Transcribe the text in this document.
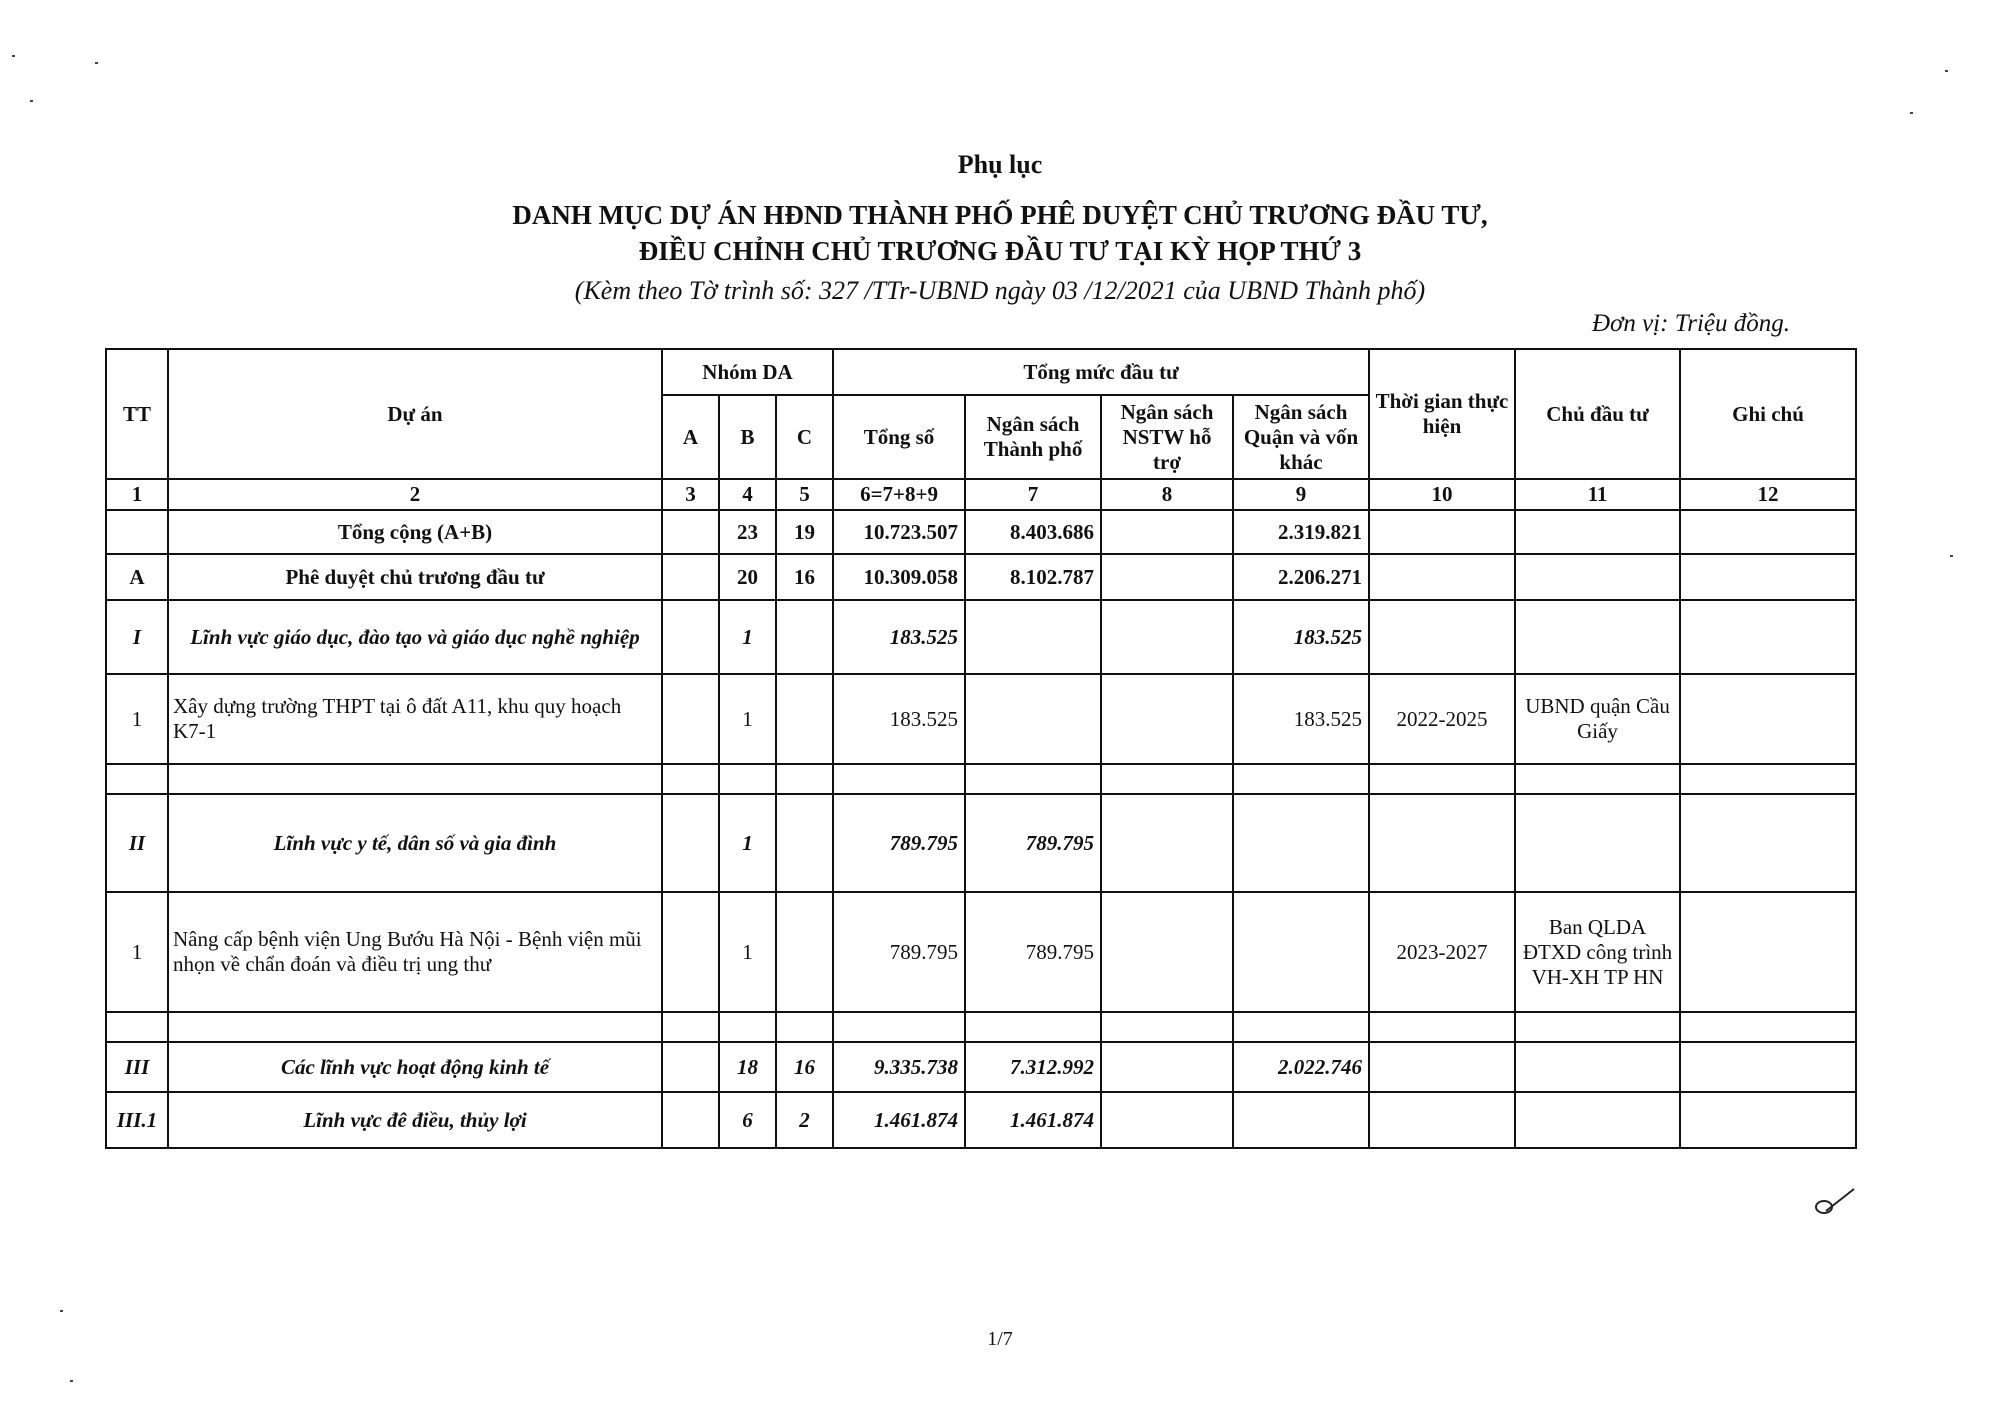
Phụ lục
DANH MỤC DỰ ÁN HĐND THÀNH PHỐ PHÊ DUYỆT CHỦ TRƯƠNG ĐẦU TƯ,
ĐIỀU CHỈNH CHỦ TRƯƠNG ĐẦU TƯ TẠI KỲ HỌP THỨ 3
(Kèm theo Tờ trình số: 327 /TTr-UBND ngày 03 /12/2021 của UBND Thành phố)
Đơn vị: Triệu đồng.
TT	Dự án	Nhóm DA			Tổng mức đầu tư				Thời gian thực hiện	Chủ đầu tư	Ghi chú
		A	B	C	Tổng số	Ngân sách Thành phố	Ngân sách NSTW hỗ trợ	Ngân sách Quận và vốn khác			
1	2	3	4	5	6=7+8+9	7	8	9	10	11	12
	Tổng cộng (A+B)		23	19	10.723.507	8.403.686		2.319.821			
A	Phê duyệt chủ trương đầu tư		20	16	10.309.058	8.102.787		2.206.271			
I	Lĩnh vực giáo dục, đào tạo và giáo dục nghề nghiệp		1		183.525			183.525			
1	Xây dựng trường THPT tại ô đất A11, khu quy hoạch K7-1		1		183.525			183.525	2022-2025	UBND quận Cầu Giấy	

II	Lĩnh vực y tế, dân số và gia đình		1		789.795	789.795					
1	Nâng cấp bệnh viện Ung Bướu Hà Nội - Bệnh viện mũi nhọn về chẩn đoán và điều trị ung thư		1		789.795	789.795			2023-2027	Ban QLDA ĐTXD công trình VH-XH TP HN	

III	Các lĩnh vực hoạt động kinh tế		18	16	9.335.738	7.312.992		2.022.746			
III.1	Lĩnh vực đê điều, thủy lợi		6	2	1.461.874	1.461.874					
1/7
